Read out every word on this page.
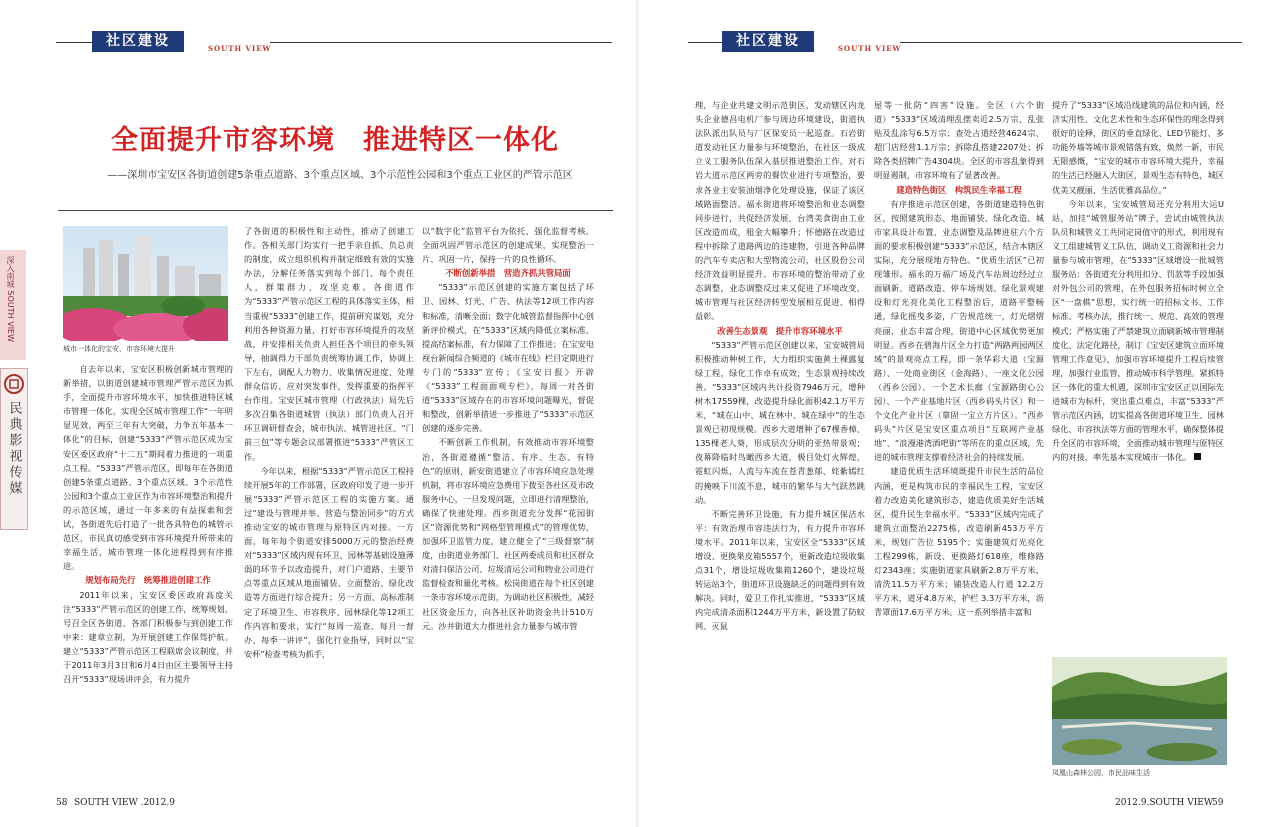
社区建设	SOUTH VIEW
全面提升市容环境　推进特区一体化
——深圳市宝安区各街道创建5条重点道路、3个重点区域、3个示范性公园和3个重点工业区的严管示范区
深入南城 SOUTH VIEW
民典影视传媒
城市一体化的宝安，市容环境大提升

自去年以来，宝安区积极创新城市管理的新举措，以街道创建城市管理严管示范区为抓手，全面提升市容环境水平，加快推进特区城市管理一体化，实现全区城市管理工作“一年明显见效，两至三年有大突破，力争五年基本一体化”的目标，创建“5333”严管示范区成为宝安区委区政府“十二五”期间着力推进的一项重点工程。“5333”严管示范区，即每年在各街道创建5条重点道路、3个重点区域、3个示范性公园和3个重点工业区作为市容环境整治和提升的示范区域，通过一年多来的有益探索和尝试，各街道先后打造了一批各具特色的城管示范区，市民真切感受到市容环境提升所带来的幸福生活，城市管理一体化进程得到有序推进。

规划布局先行　统筹推进创建工作

2011年以来，宝安区委区政府高度关注“5333”严管示范区的创建工作，统筹规划，号召全区各街道、各部门积极参与到创建工作中来：建章立制，为开展创建工作保驾护航。建立“5333”严管示范区工程联席会议制度，并于2011年3月3日和6月4日由区主要领导主持召开“5333”现场讲评会，有力提升

了各街道的积极性和主动性，推动了创建工作。各相关部门均实行一把手亲自抓、负总责的制度，成立组织机构并制定细致有效的实施办法，分解任务落实到每个部门、每个责任人，群策群力、攻坚克难。各街道作为“5333”严管示范区工程的具体落实主体，相当重视“5333”创建工作，提前研究谋划，充分利用各种资源力量，打好市容环境提升的攻坚战，并安排相关负责人担任各个项目的牵头领导，抽调得力干部负责统筹协调工作，协调上下左右，调配人力物力、收集情况进度、处理群众信访、应对突发事件，发挥重要的指挥平台作用。宝安区城市管理（行政执法）局先后多次召集各街道城管（执法）部门负责人召开环卫调研督查会，城市执法、城管进社区、“门前三包”等专题会议部署推进“5333”严管区工作。

今年以来，根据“5333”严管示范区工程持续开展5年的工作部署，区政府印发了进一步开展“5333”严管示范区工程的实施方案。通过“建设与管理并举、营造与整治同步”的方式推动宝安的城市管理与原特区内对接。一方面，每年每个街道安排5000万元的整治经费对“5333”区域内现有环卫、园林等基础设施薄弱的环节予以改造提升，对门户道路、主要节点等重点区域从地面铺装、立面整治、绿化改造等方面进行综合提升；另一方面，高标准制定了环境卫生、市容秩序、园林绿化等12项工作内容和要求，实行“每周一巡查、每月一督办、每季一讲评”，强化行业指导，同时以“宝安杯”检查考核为抓手，

以“数字化”监管平台为依托，强化监督考核，全面巩固严管示范区的创建成果，实现整治一片、巩固一片，保持一片的良性循环。

不断创新举措　营造齐抓共管局面

“5333”示范区创建的实施方案包括了环卫、园林、灯光、广告、执法等12项工作内容和标准，清晰全面；数字化城管监督指挥中心创新评价模式，在“5333”区域内降低立案标准，提高结案标准，有力保障了工作推进；在宝安电视台新闻综合频道的《城市在线》栏目定期进行专门的“5333”宣传；《宝安日报》开辟《“5333”工程面面观专栏》，每周一对各街道“5333”区域存在的市容环境问题曝光，督促和整改，创新举措进一步推进了“5333”示范区创建的逐步完善。

不断创新工作机制，有效推动市容环境整治，各街道遵循“整洁、有序、生态、有特色”的原则，新安街道建立了市容环境应急处理机制，将市容环境应急费用下拨至各社区及市政服务中心，一旦发现问题，立即进行清理整治，确保了快速处理。西乡街道充分发挥“花园街区”资源优势和“网格型管理模式”的管理优势，加强环卫监管力度，建立健全了“三级督察”制度，由街道业务部门、社区两委成员和社区群众对清扫保洁公司、垃圾清运公司和物业公司进行监督检查和量化考核。松岗街道在每个社区创建一条市容环境示范街，为调动社区积极性，减轻社区资金压力，向各社区补助资金共计510万元。沙井街道大力推进社会力量参与城市管

58 SOUTH VIEW .2012.9
社区建设	SOUTH VIEW

理，与企业共建文明示范街区，发动辖区内龙头企业德昌电机厂参与周边环境建设，街道执法队派出队员与厂区保安员一起巡查。石岩街道发动社区力量参与环境整治，在社区一级成立义工服务队伍深入基层推进整治工作，对石岩大道示范区两旁的餐饮业进行专项整治，要求各业主安装油烟净化处理设施，保证了该区域路面整洁。福永街道将环境整治和业态调整同步进行，共促经济发展，台湾美食街由工业区改造而成，租金大幅攀升；怀德路在改造过程中拆除了道路两边的违建物，引进各种品牌的汽车专卖店和大型物流公司，社区股份公司经济效益明显提升。市容环境的整治带动了业态调整，业态调整反过来又促进了环境改变，城市管理与社区经济转型发展相互促进、相得益彰。

改善生态景观　提升市容环境水平

“5333”严管示范区创建以来，宝安城管局积极推动种树工作，大力组织实施黄土裸露复绿工程，绿化工作卓有成效，生态景观持续改善。“5333”区域内共计投资7946万元，增种树木17559棵，改造提升绿化面积42.1万平方米，“城在山中、城在林中、城在绿中”的生态景观已初现规模。西乡大道增种了67棵香樟、135棵老人葵，形成层次分明的亚热带景观；夜幕降临时鸟瞰西乡大道，极目处灯火辉煌，霓虹闪烁，人流与车流在苍青葱郁、姹紫嫣红的掩映下川流不息，城市的繁华与大气跃然跳动。

不断完善环卫设施，有力提升城区保洁水平：有效治理市容违法行为，有力提升市容环境水平。2011年以来，宝安区全“5333”区域增设、更换果皮箱5557个，更新改造垃圾收集点31个，增设垃圾收集箱1260个，建设垃圾转运站3个，街道环卫设施缺乏的问题得到有效解决。同时，爱卫工作扎实推进，“5333”区域内完成清杀面积1244万平方米，新设置了防蚊网、灭鼠

屋等一批防“四害”设施。全区（六个街道）“5333”区域清理乱摆卖近2.5万宗、乱张贴及乱涂写6.5万宗；查处占道经营4624宗、超门店经营1.1万宗；拆除乱搭建2207处；拆除各类招牌广告4304块。全区的市容乱象得到明显遏制，市容环境有了显著改善。

建造特色街区　构筑民生幸福工程

有序推进示范区创建，各街道建造特色街区，按照建筑形态、地面铺装、绿化改造、城市家具设计布置、业态调整及品牌进驻六个方面的要求积极创建“5333”示范区，结合本辖区实际，充分展现地方特色。“优质生活区”已初现雏形。福永的万福广场及汽车站周边经过立面刷新、道路改造、停车场规划、绿化景观建设和灯光亮化美化工程整治后，道路平整畅通，绿化摇曳多姿，广告规范统一，灯光熠熠亮丽，业态丰富合理，街道中心区域优势更加明显。西乡在碧海片区全力打造“两路两园两区域”的景观亮点工程，即一条华彩大道（宝源路）、一处商业街区（金海路）、一座文化公园（西乡公园）、一个艺术长廊（宝源路街心公园）、一个产业基地片区（西乡码头片区）和一个文化产业片区（靠固一宝立方片区）。“西乡码头”片区是宝安区重点项目“互联网产业基地”、“浪漫港湾酒吧街”等所在的重点区域，先进的城市管理支撑着经济社会的持续发展。

建造优质生活环境既提升市民生活的品位内涵，更是构筑市民的幸福民生工程，宝安区着力改造美化建筑形态，建造优质美好生活城区，提升民生幸福水平。“5333”区域内完成了建筑立面整治2275栋，改造刷新453万平方米，规划广告位 5195个；实施建筑灯光亮化工程299栋，新设、更换路灯618座，维修路灯2343座；实施街道家具刷新2.8万平方米，清洗11.5万平方米；铺装改造人行道 12.2万平方米，道牙4.8万米，护栏 3.3万平方米，沥青罩面17.6万平方米。这一系列举措丰富和

提升了“5333”区域沿线建筑的品位和内涵，经济实用性、文化艺术性和生态环保性的理念得到很好的诠释，街区的垂直绿化、LED节能灯、多功能外墙等城市景观错落有致，焕然一新，市民无限感慨，“宝安的城市市容环境大提升，幸福的生活已经融入大街区，景观生态有特色，城区优美又靓丽，生活优雅高品位。”

今年以来，宝安城管局还充分利用大运U站，加挂“城管服务站”牌子，尝试由城管执法队员和城管义工共同定岗值守的形式，利用现有义工组建城管义工队伍，调动义工资源和社会力量参与城市管理，在“5333”区域增设一批城管服务站：各街道充分利用扣分、罚款等手段加强对外包公司的管理，在外包服务招标时树立全区“一盘棋”思想，实行统一的招标文书、工作标准、考核办法，推行统一、规范、高效的管理模式；严格实施了严禁建筑立面刷新城市管理制度化、法定化路径，制订《宝安区建筑立面环境管理工作意见》，加强市容环境提升工程后续管理，加强行业监管，推动城市科学管理。紧抓特区一体化的重大机遇，深圳市宝安区正以国际先进城市为标杆，突出重点难点，丰富“5333”严管示范区内涵，切实提高各街道环境卫生、园林绿化、市容执法等方面的管理水平，确保整体提升全区的市容环境，全面推动城市管理与原特区内的对接，率先基本实现城市一体化。

凤凰山森林公园，市民品味生活
2012.9.SOUTH VIEW
59
